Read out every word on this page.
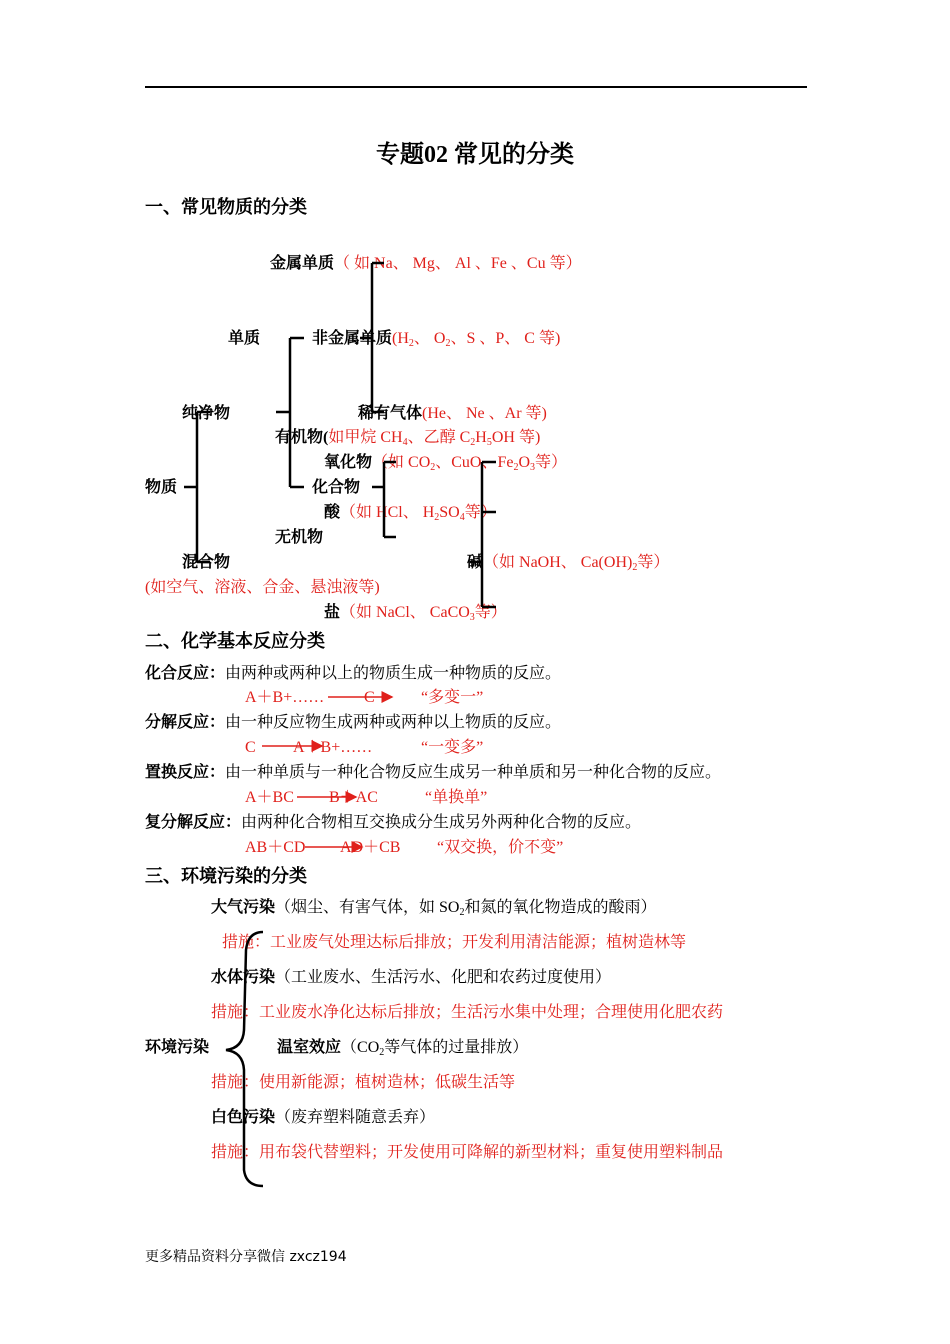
专题02 常见的分类
一、常见物质的分类
金属单质（ 如 Na、 Mg、 Al 、Fe 、Cu 等）
单质	非金属单质($H_2$、 $O_2$、S 、P、 C 等)
纯净物	稀有气体(He、 Ne 、Ar 等)
有机物(如甲烷 $CH_4$、乙醇 $C_2H_5OH$ 等)
氧化物（如 $CO_2$、CuO、$Fe_2O_3$等）
物质	化合物
酸（如 HCl、 $H_2SO_4$等）
无机物
混合物	碱（如 NaOH、 $Ca(OH)_2$等）
(如空气、溶液、合金、悬浊液等)
盐（如 NaCl、 CaCO$_3$等）
二、化学基本反应分类
化合反应：由两种或两种以上的物质生成一种物质的反应。
A＋B+…… C	“多变一”
分解反应：由一种反应物生成两种或两种以上物质的反应。
C A＋B+……	“一变多”
置换反应：由一种单质与一种化合物反应生成另一种单质和另一种化合物的反应。
A＋BC B＋AC	“单换单”
复分解反应：由两种化合物相互交换成分生成另外两种化合物的反应。
AB＋CD AD＋CB “双交换，价不变”
三、环境污染的分类
大气污染（烟尘、有害气体，如 $SO_2$和氮的氧化物造成的酸雨）
措施：工业废气处理达标后排放；开发利用清洁能源；植树造林等
水体污染（工业废水、生活污水、化肥和农药过度使用）
措施：工业废水净化达标后排放；生活污水集中处理；合理使用化肥农药
环境污染	温室效应（$CO_2$等气体的过量排放）
措施：使用新能源；植树造林；低碳生活等
白色污染（废弃塑料随意丢弃）
措施：用布袋代替塑料；开发使用可降解的新型材料；重复使用塑料制品
更多精品资料分享微信 zxcz194
